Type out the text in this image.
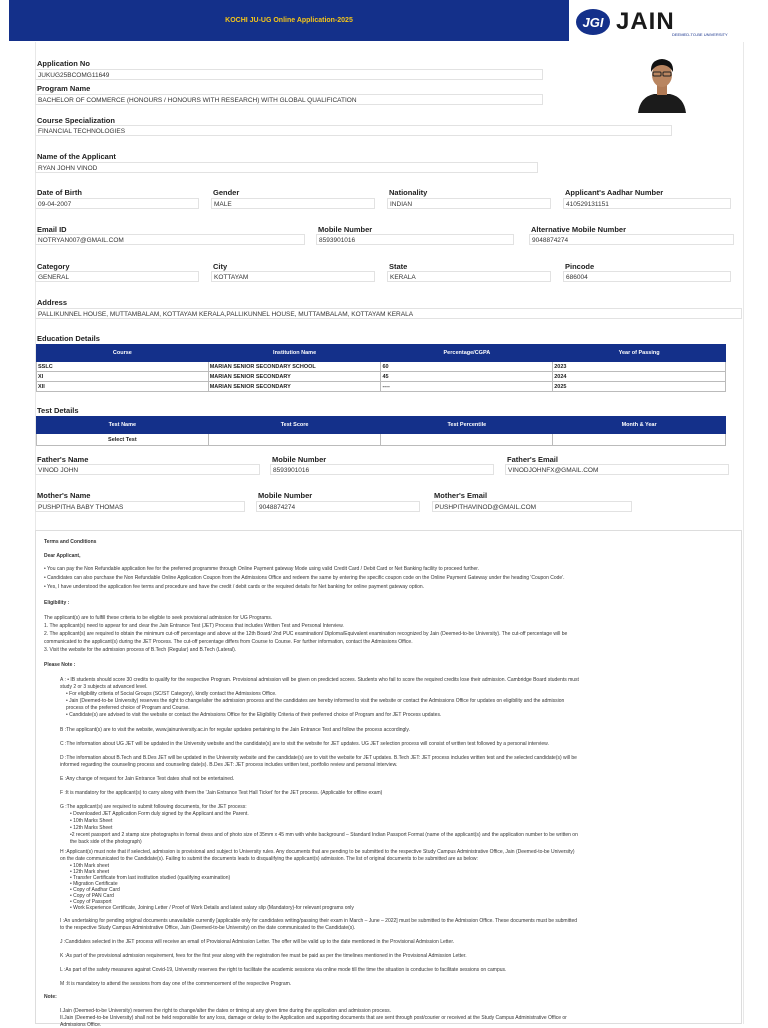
KOCHI JU-UG Online Application-2025	JGI JAIN
DEEMED-TO-BE UNIVERSITY
Application No
JUKUG25BCOMG11649
Program Name
BACHELOR OF COMMERCE (HONOURS / HONOURS WITH RESEARCH) WITH GLOBAL QUALIFICATION
Course Specialization
FINANCIAL TECHNOLOGIES
Name of the Applicant
RYAN JOHN VINOD
Date of Birth
09-04-2007
Gender
MALE
Nationality
INDIAN
Applicant's Aadhar Number
410529131151
Email ID
NOTRYAN007@GMAIL.COM
Mobile Number
8593901016
Alternative Mobile Number
9048874274
Category
GENERAL
City
KOTTAYAM
State
KERALA
Pincode
686004
Address
PALLIKUNNEL HOUSE, MUTTAMBALAM, KOTTAYAM KERALA,PALLIKUNNEL HOUSE, MUTTAMBALAM, KOTTAYAM KERALA
Education Details
Course	Institution Name	Percentage/CGPA	Year of Passing
SSLC	MARIAN SENIOR SECONDARY SCHOOL	60	2023
XI	MARIAN SENIOR SECONDARY	45	2024
XII	MARIAN SENIOR SECONDARY	----	2025
Test Details
Test Name	Test Score	Test Percentile	Month & Year
Select Test			
Father's Name
VINOD JOHN
Mobile Number
8593901016
Father's Email
VINODJOHNFX@GMAIL.COM
Mother's Name
PUSHPITHA BABY THOMAS
Mobile Number
9048874274
Mother's Email
PUSHPITHAVINOD@GMAIL.COM

Terms and Conditions

Dear Applicant,

• You can pay the Non Refundable application fee for the preferred programme through Online Payment gateway Mode using valid Credit Card / Debit Card or Net Banking facility to proceed further.

• Candidates can also purchase the Non Refundable Online Application Coupon from the Admissions Office and redeem the same by entering the specific coupon code on the Online Payment Gateway under the heading 'Coupon Code'.

• Yes, I have understood the application fee terms and procedure and have the credit / debit cards or the required details for Net banking for online payment gateway option.

Eligibility :

The applicant(s) are to fulfill these criteria to be eligible to seek provisional admission for UG Programs.

1. The applicant(s) need to appear for and clear the Jain Entrance Test (JET) Process that includes Written Test and Personal Interview.

2. The applicant(s) are required to obtain the minimum cut-off percentage and above at the 12th Board/ 2nd PUC examination/ Diploma/Equivalent examination recognized by Jain (Deemed-to-be University). The cut-off percentage will be

communicated to the applicant(s) during the JET Process. The cut-off percentage differs from Course to Course. For further information, contact the Admissions Office.

3. Visit the website for the admission process of B.Tech (Regular) and B.Tech (Lateral).

Please Note :

A : • IB students should score 30 credits to qualify for the respective Program. Provisional admission will be given on predicted scores. Students who fail to score the required credits lose their admission. Cambridge Board students must

study 2 or 3 subjects at advanced level.

• For eligibility criteria of Social Groups (SC/ST Category), kindly contact the Admissions Office.

• Jain (Deemed-to-be University) reserves the right to change/alter the admission process and the candidates are hereby informed to visit the website or contact the Admissions Office for updates on eligibility and the admission

process of the preferred choice of Program and Course.

• Candidate(s) are advised to visit the website or contact the Admissions Office for the Eligibility Criteria of their preferred choice of Program and for JET Process updates.

B :The applicant(s) are to visit the website, www.jainuniversity.ac.in for regular updates pertaining to the Jain Entrance Test and follow the process accordingly.

C :The information about UG JET will be updated in the University website and the candidate(s) are to visit the website for JET updates. UG JET selection process will consist of written test followed by a personal interview.

D :The information about B.Tech and B.Des JET will be updated in the University website and the candidate(s) are to visit the website for JET updates. B.Tech JET: JET process includes written test and the selected candidate(s) will be

informed regarding the counseling process and counseling date(s). B.Des JET: JET process includes written test, portfolio review and personal interview.

E :Any change of request for Jain Entrance Test dates shall not be entertained.

F :It is mandatory for the applicant(s) to carry along with them the 'Jain Entrance Test Hall Ticket' for the JET process. (Applicable for offline exam)

G :The applicant(s) are required to submit following documents, for the JET process:

• Downloaded JET Application Form duly signed by the Applicant and the Parent.

• 10th Marks Sheet

• 12th Marks Sheet

•2 recent passport and 2 stamp size photographs in formal dress and of photo size of 35mm x 45 mm with white background – Standard Indian Passport Format (name of the applicant(s) and the application number to be written on

the back side of the photograph)

H :Applicant(s) must note that if selected, admission is provisional and subject to University rules. Any documents that are pending to be submitted to the respective Study Campus Administrative Office, Jain (Deemed-to-be University)

on the date communicated to the Candidate(s). Failing to submit the documents leads to disqualifying the applicant(s) admission. The list of original documents to be submitted are as below:

• 10th Mark sheet

• 12th Mark sheet

• Transfer Certificate from last institution studied (qualifying examination)

• Migration Certificate

• Copy of Aadhar Card

• Copy of PAN Card

• Copy of Passport

• Work Experience Certificate, Joining Letter / Proof of Work Details and latest salary slip (Mandatory)-for relevant programs only

I :An undertaking for pending original documents unavailable currently [applicable only for candidates writing/passing their exam in March – June – 2022] must be submitted to the Admission Office. These documents must be submitted

to the respective Study Campus Administrative Office, Jain (Deemed-to-be University) on the date communicated to the Candidate(s).

J :Candidates selected in the JET process will receive an email of Provisional Admission Letter. The offer will be valid up to the date mentioned in the Provisional Admission Letter.

K :As part of the provisional admission requirement, fees for the first year along with the registration fee must be paid as per the timelines mentioned in the Provisional Admission Letter.

L :As part of the safety measures against Covid-19, University reserves the right to facilitate the academic sessions via online mode till the time the situation is conducive to facilitate sessions on campus.

M :It is mandatory to attend the sessions from day one of the commencement of the respective Program.

Note:

I.Jain (Deemed-to-be University) reserves the right to change/alter the dates or timing at any given time during the application and admission process.

II.Jain (Deemed-to-be University) shall not be held responsible for any loss, damage or delay to the Application and supporting documents that are sent through post/courier or received at the Study Campus Administrative Office or

Admissions Office.
